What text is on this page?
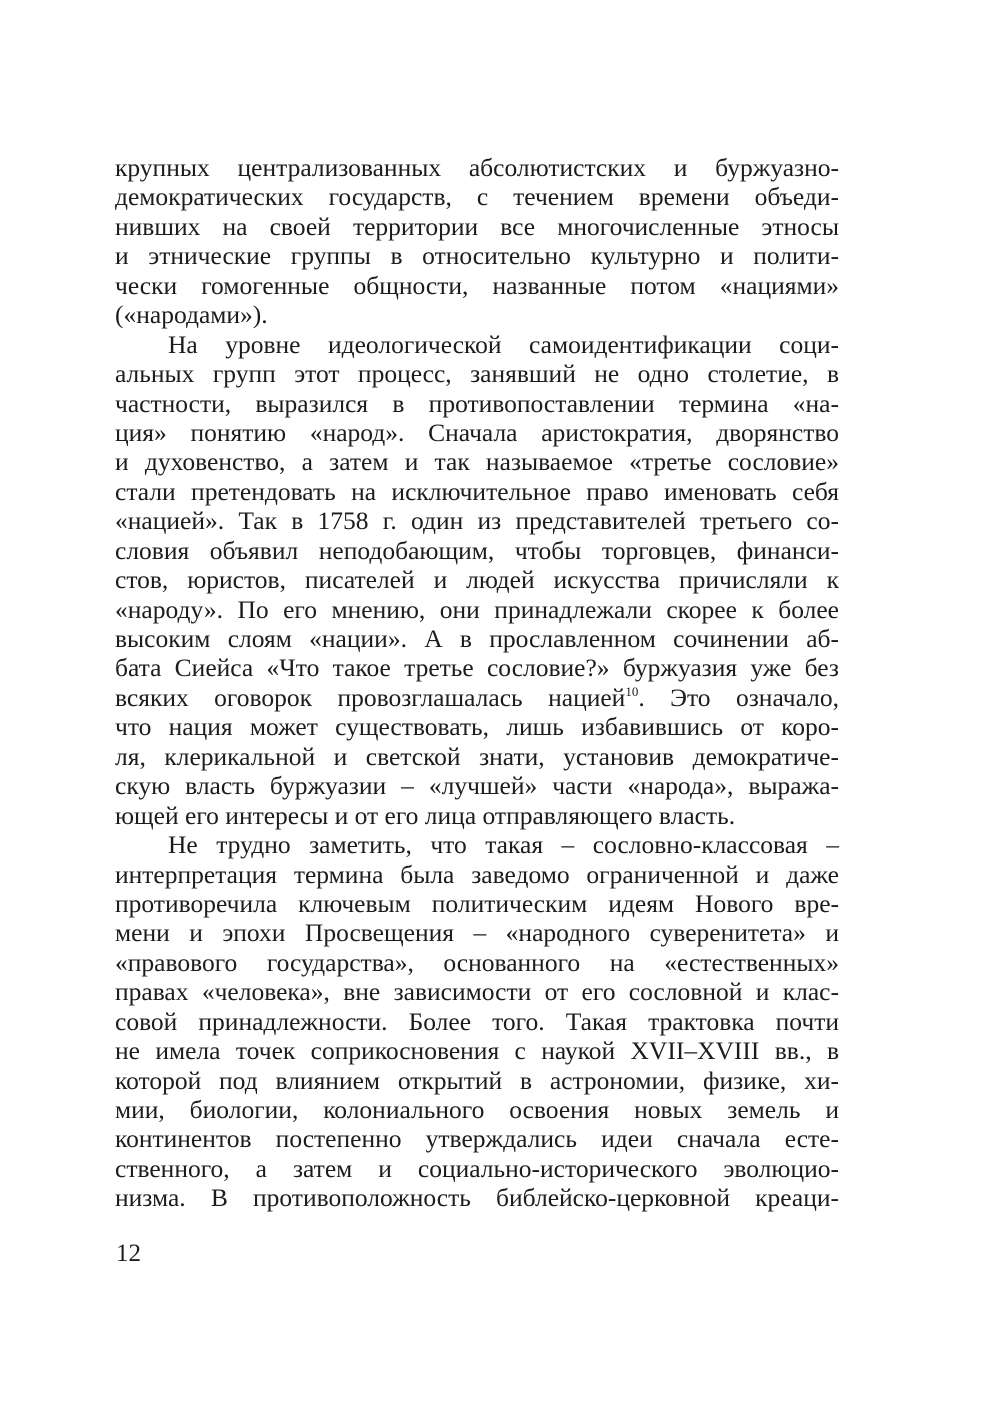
крупных централизованных абсолютистских и буржуазно-
демократических государств, с течением времени объеди-
нивших на своей территории все многочисленные этносы
и этнические группы в относительно культурно и полити-
чески гомогенные общности, названные потом «нациями»
(«народами»).
На уровне идеологической самоидентификации соци-
альных групп этот процесс, занявший не одно столетие, в
частности, выразился в противопоставлении термина «на-
ция» понятию «народ». Сначала аристократия, дворянство
и духовенство, а затем и так называемое «третье сословие»
стали претендовать на исключительное право именовать себя
«нацией». Так в 1758 г. один из представителей третьего со-
словия объявил неподобающим, чтобы торговцев, финанси-
стов, юристов, писателей и людей искусства причисляли к
«народу». По его мнению, они принадлежали скорее к более
высоким слоям «нации». А в прославленном сочинении аб-
бата Сиейса «Что такое третье сословие?» буржуазия уже без
всяких оговорок провозглашалась нацией$^{10}$. Это означало,
что нация может существовать, лишь избавившись от коро-
ля, клерикальной и светской знати, установив демократиче-
скую власть буржуазии – «лучшей» части «народа», выража-
ющей его интересы и от его лица отправляющего власть.
Не трудно заметить, что такая – сословно-классовая –
интерпретация термина была заведомо ограниченной и даже
противоречила ключевым политическим идеям Нового вре-
мени и эпохи Просвещения – «народного суверенитета» и
«правового государства», основанного на «естественных»
правах «человека», вне зависимости от его сословной и клас-
совой принадлежности. Более того. Такая трактовка почти
не имела точек соприкосновения с наукой XVII–XVIII вв., в
которой под влиянием открытий в астрономии, физике, хи-
мии, биологии, колониального освоения новых земель и
континентов постепенно утверждались идеи сначала есте-
ственного, а затем и социально-исторического эволюцио-
низма. В противоположность библейско-церковной креаци-
12
